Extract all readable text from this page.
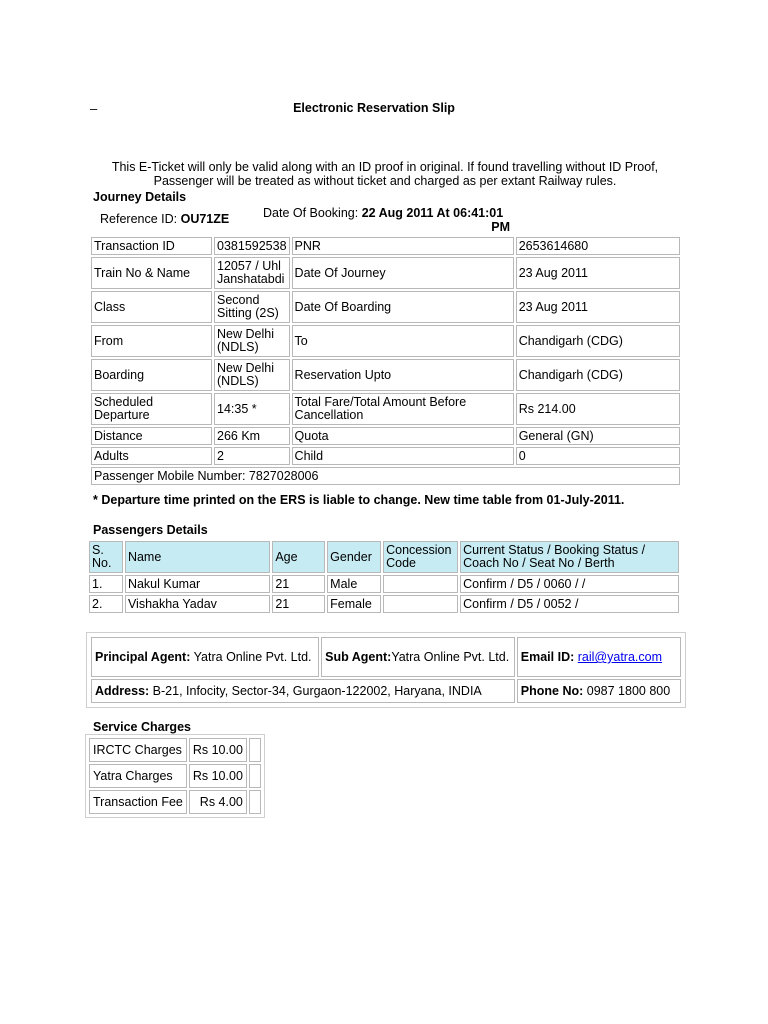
–	Electronic Reservation Slip
This E-Ticket will only be valid along with an ID proof in original. If found travelling without ID Proof, Passenger will be treated as without ticket and charged as per extant Railway rules.
Journey Details
Reference ID: OU71ZE	Date Of Booking: 22 Aug 2011 At 06:41:01
PM
Transaction ID	0381592538	PNR	2653614680
Train No & Name	12057 / Uhl Janshatabdi	Date Of Journey	23 Aug 2011
Class	Second Sitting (2S)	Date Of Boarding	23 Aug 2011
From	New Delhi (NDLS)	To	Chandigarh (CDG)
Boarding	New Delhi (NDLS)	Reservation Upto	Chandigarh (CDG)
Scheduled Departure	14:35 *	Total Fare/Total Amount Before Cancellation	Rs 214.00
Distance	266 Km	Quota	General (GN)
Adults	2	Child	0
Passenger Mobile Number: 7827028006			
* Departure time printed on the ERS is liable to change. New time table from 01-July-2011.
Passengers Details
S. No.	Name	Age	Gender	Concession Code	Current Status / Booking Status / Coach No / Seat No / Berth
1.	Nakul Kumar	21	Male		Confirm / D5 / 0060 / /
2.	Vishakha Yadav	21	Female		Confirm / D5 / 0052 /
Principal Agent: Yatra Online Pvt. Ltd.	Sub Agent:Yatra Online Pvt. Ltd.	Email ID: rail@yatra.com
Address: B-21, Infocity, Sector-34, Gurgaon-122002, Haryana, INDIA		Phone No: 0987 1800 800
Service Charges
IRCTC Charges	Rs 10.00	
Yatra Charges	Rs 10.00	
Transaction Fee	Rs 4.00	
